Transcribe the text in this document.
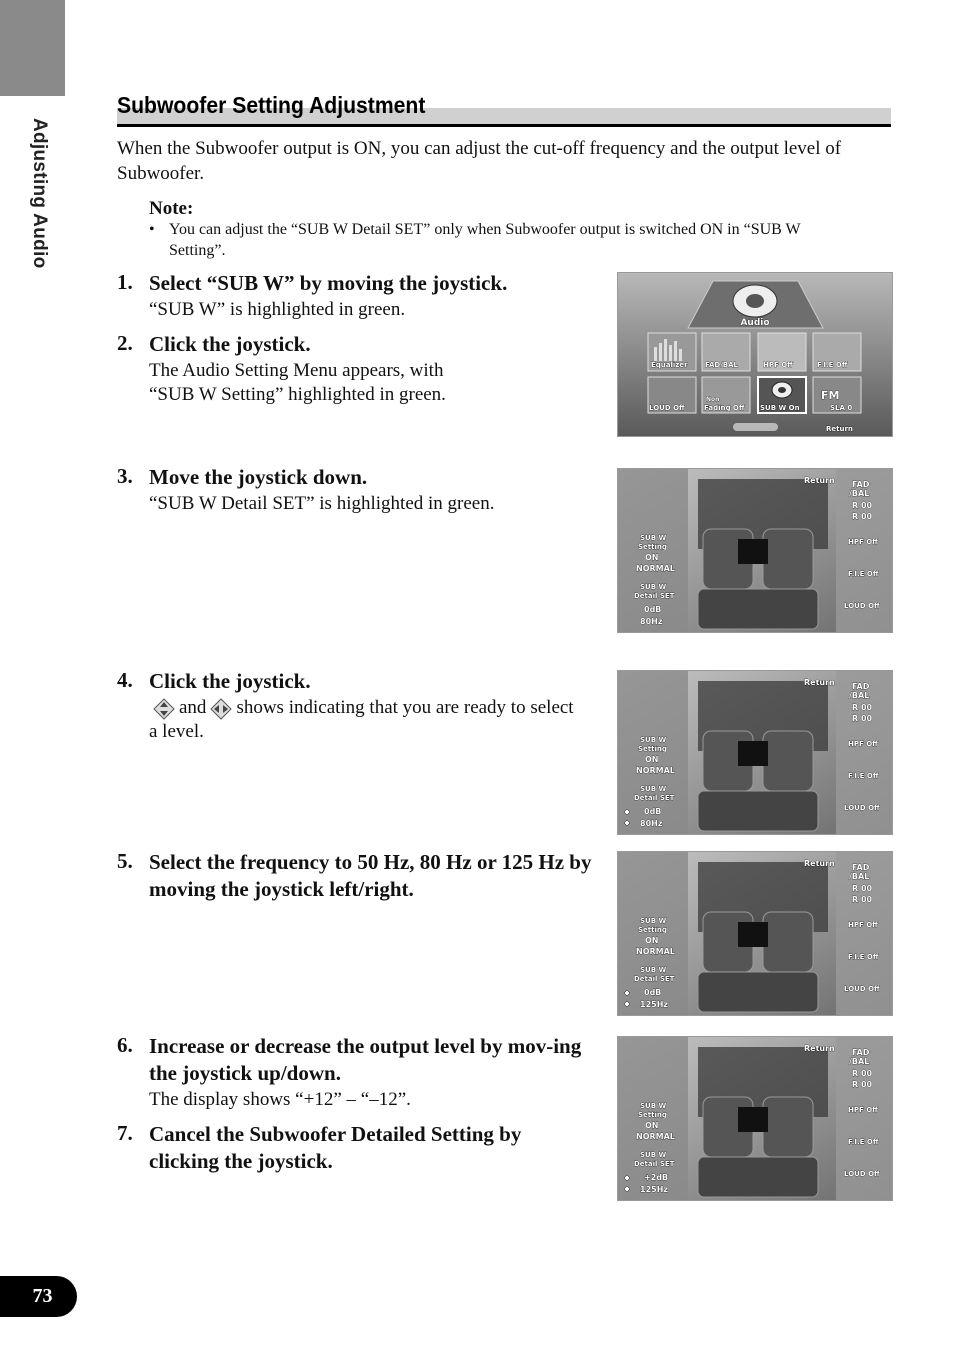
Adjusting Audio
73
Subwoofer Setting Adjustment

When the Subwoofer output is ON, you can adjust the cut-off frequency and the output level of Subwoofer.

Note:

• You can adjust the “SUB W Detail SET” only when Subwoofer output is switched ON in “SUB W Setting”.
1. Select “SUB W” by moving the joystick.
“SUB W” is highlighted in green.
2. Click the joystick.
The Audio Setting Menu appears, with “SUB W Setting” highlighted in green.
3. Move the joystick down.
“SUB W Detail SET” is highlighted in green.
4. Click the joystick.
and shows indicating that you are ready to select a level.
5. Select the frequency to 50 Hz, 80 Hz or 125 Hz by moving the joystick left/right.
6. Increase or decrease the output level by mov-ing the joystick up/down.
The display shows “+12” – “–12”.
7. Cancel the Subwoofer Detailed Setting by clicking the joystick.
Audio
Equalizer FAD/BAL	HPF Off	F.I.E Off
LOUD Off
Non
Fading Off SUB W On
FM
SLA 0
Return
Return FAD
/BAL
R 00
R 00
HPF Off
F.I.E Off
LOUD Off
SUB W
Setting
ON
NORMAL
SUB W
Detail SET
0dB
80Hz
Return FAD
/BAL
R 00
R 00
HPF Off
F.I.E Off
LOUD Off
SUB W
Setting
ON
NORMAL
SUB W
Detail SET
0dB
80Hz
Return FAD
/BAL
R 00
R 00
HPF Off
F.I.E Off
LOUD Off
SUB W
Setting
ON
NORMAL
SUB W
Detail SET
0dB
125Hz
Return FAD
/BAL
R 00
R 00
HPF Off
F.I.E Off
LOUD Off
SUB W
Setting
ON
NORMAL
SUB W
Detail SET
+2dB
125Hz
